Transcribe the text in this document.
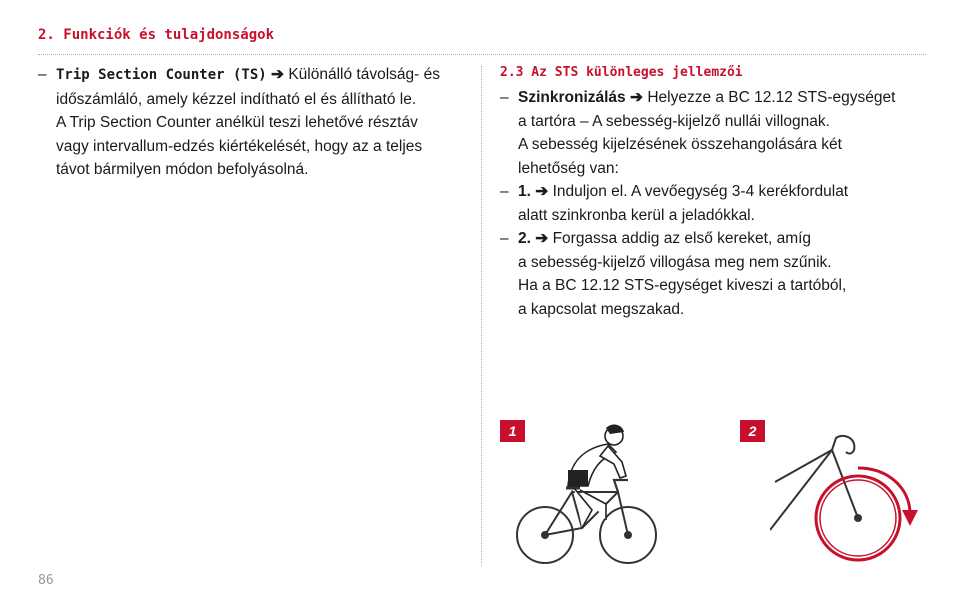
2. Funkciók és tulajdonságok
– Trip Section Counter (TS) ➔ Különálló távolság- és
időszámláló, amely kézzel indítható el és állítható le.
A Trip Section Counter anélkül teszi lehetővé résztáv
vagy intervallum-edzés kiértékelését, hogy az a teljes
távot bármilyen módon befolyásolná.
2.3 Az STS különleges jellemzői
– Szinkronizálás ➔ Helyezze a BC 12.12 STS-egységet
a tartóra – A sebesség-kijelző nullái villognak.
A sebesség kijelzésének összehangolására két
lehetőség van:
– 1. ➔ Induljon el. A vevőegység 3-4 kerékfordulat
alatt szinkronba kerül a jeladókkal.
– 2. ➔ Forgassa addig az első kereket, amíg
a sebesség-kijelző villogása meg nem szűnik.
Ha a BC 12.12 STS-egységet kiveszi a tartóból,
a kapcsolat megszakad.
1	2
86
